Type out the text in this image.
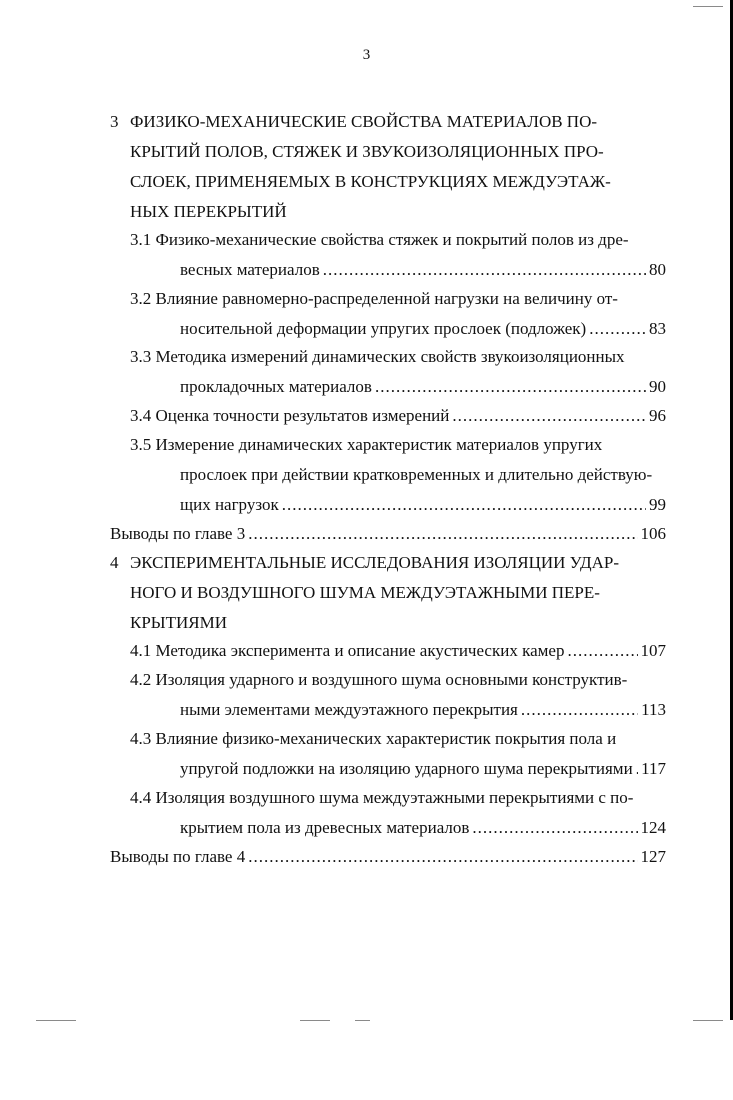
3
3 ФИЗИКО-МЕХАНИЧЕСКИЕ СВОЙСТВА МАТЕРИАЛОВ ПО-
КРЫТИЙ ПОЛОВ, СТЯЖЕК И ЗВУКОИЗОЛЯЦИОННЫХ ПРО-
СЛОЕК, ПРИМЕНЯЕМЫХ В КОНСТРУКЦИЯХ МЕЖДУЭТАЖ-
НЫХ ПЕРЕКРЫТИЙ
3.1 Физико-механические свойства стяжек и покрытий полов из дре-
весных материалов .....	80
3.2 Влияние равномерно-распределенной нагрузки на величину от-
носительной деформации упругих прослоек (подложек) .....	83
3.3 Методика измерений динамических свойств звукоизоляционных
прокладочных материалов .....	90
3.4 Оценка точности результатов измерений .....	96
3.5 Измерение динамических характеристик материалов упругих
прослоек при действии кратковременных и длительно действую-
щих нагрузок .....	99
Выводы по главе 3 .....	106
4 ЭКСПЕРИМЕНТАЛЬНЫЕ ИССЛЕДОВАНИЯ ИЗОЛЯЦИИ УДАР-
НОГО И ВОЗДУШНОГО ШУМА МЕЖДУЭТАЖНЫМИ ПЕРЕ-
КРЫТИЯМИ
4.1 Методика эксперимента и описание акустических камер .....	107
4.2 Изоляция ударного и воздушного шума основными конструктив-
ными элементами междуэтажного перекрытия .....	113
4.3 Влияние физико-механических характеристик покрытия пола и
упругой подложки на изоляцию ударного шума перекрытиями ..... 117
4.4 Изоляция воздушного шума междуэтажными перекрытиями с по-
крытием пола из древесных материалов .....	124
Выводы по главе 4 .....	127
